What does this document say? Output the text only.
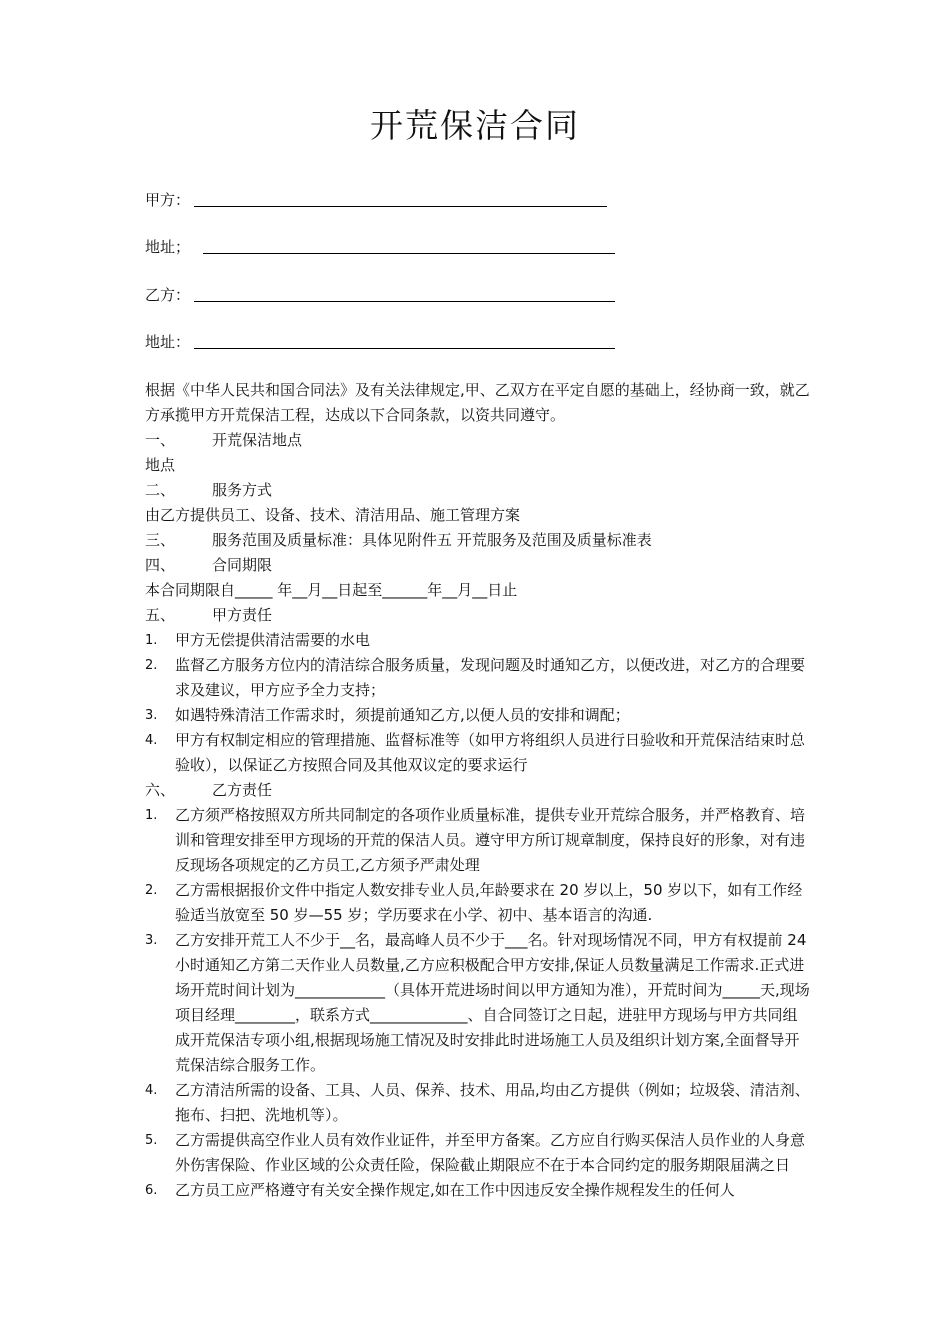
开荒保洁合同
甲方：
地址；
乙方：
地址：

根据《中华人民共和国合同法》及有关法律规定,甲、乙双方在平定自愿的基础上，经协商一致，就乙方承揽甲方开荒保洁工程，达成以下合同条款，以资共同遵守。

一、 开荒保洁地点
地点
二、 服务方式
由乙方提供员工、设备、技术、清洁用品、施工管理方案
三、 服务范围及质量标准：具体见附件五 开荒服务及范围及质量标准表
四、 合同期限
本合同期限自_____ 年__月__日起至______年__月__日止
五、 甲方责任
1.	甲方无偿提供清洁需要的水电
2.	监督乙方服务方位内的清洁综合服务质量，发现问题及时通知乙方，以便改进，对乙方的合理要求及建议，甲方应予全力支持；
3.	如遇特殊清洁工作需求时，须提前通知乙方,以便人员的安排和调配；
4.	甲方有权制定相应的管理措施、监督标准等（如甲方将组织人员进行日验收和开荒保洁结束时总验收），以保证乙方按照合同及其他双议定的要求运行
六、 乙方责任
1.	乙方须严格按照双方所共同制定的各项作业质量标准，提供专业开荒综合服务，并严格教育、培训和管理安排至甲方现场的开荒的保洁人员。遵守甲方所订规章制度，保持良好的形象，对有违反现场各项规定的乙方员工,乙方须予严肃处理
2.	乙方需根据报价文件中指定人数安排专业人员,年龄要求在 20 岁以上，50 岁以下，如有工作经验适当放宽至 50 岁—55 岁；学历要求在小学、初中、基本语言的沟通.
3.	乙方安排开荒工人不少于__名，最高峰人员不少于___名。针对现场情况不同，甲方有权提前 24 小时通知乙方第二天作业人员数量,乙方应积极配合甲方安排,保证人员数量满足工作需求.正式进场开荒时间计划为____________（具体开荒进场时间以甲方通知为准），开荒时间为_____天,现场项目经理________，联系方式_____________、自合同签订之日起，进驻甲方现场与甲方共同组成开荒保洁专项小组,根据现场施工情况及时安排此时进场施工人员及组织计划方案,全面督导开荒保洁综合服务工作。
4.	乙方清洁所需的设备、工具、人员、保养、技术、用品,均由乙方提供（例如；垃圾袋、清洁剂、拖布、扫把、洗地机等）。
5.	乙方需提供高空作业人员有效作业证件，并至甲方备案。乙方应自行购买保洁人员作业的人身意外伤害保险、作业区域的公众责任险，保险截止期限应不在于本合同约定的服务期限届满之日
6.	乙方员工应严格遵守有关安全操作规定,如在工作中因违反安全操作规程发生的任何人
